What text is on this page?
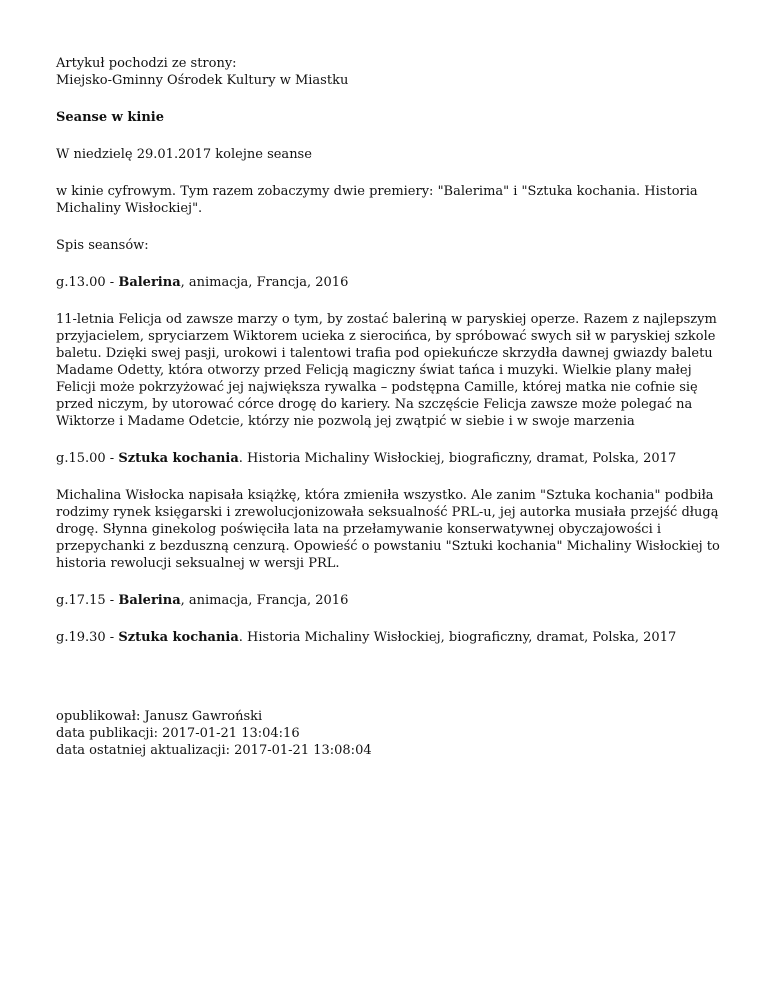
Artykuł pochodzi ze strony:

Miejsko-Gminny Ośrodek Kultury w Miastku

Seanse w kinie

W niedzielę 29.01.2017 kolejne seanse

w kinie cyfrowym. Tym razem zobaczymy dwie premiery: "Balerima" i "Sztuka kochania. Historia Michaliny Wisłockiej".

Spis seansów:

g.13.00 - Balerina, animacja, Francja, 2016

11-letnia Felicja od zawsze marzy o tym, by zostać baleriną w paryskiej operze. Razem z najlepszym przyjacielem, spryciarzem Wiktorem ucieka z sierocińca, by spróbować swych sił w paryskiej szkole baletu. Dzięki swej pasji, urokowi i talentowi trafia pod opiekuńcze skrzydła dawnej gwiazdy baletu Madame Odetty, która otworzy przed Felicją magiczny świat tańca i muzyki. Wielkie plany małej Felicji może pokrzyżować jej największa rywalka – podstępna Camille, której matka nie cofnie się przed niczym, by utorować córce drogę do kariery. Na szczęście Felicja zawsze może polegać na Wiktorze i Madame Odetcie, którzy nie pozwolą jej zwątpić w siebie i w swoje marzenia

g.15.00 - Sztuka kochania. Historia Michaliny Wisłockiej, biograficzny, dramat, Polska, 2017

Michalina Wisłocka napisała książkę, która zmieniła wszystko. Ale zanim "Sztuka kochania" podbiła rodzimy rynek księgarski i zrewolucjonizowała seksualność PRL-u, jej autorka musiała przejść długą drogę. Słynna ginekolog poświęciła lata na przełamywanie konserwatywnej obyczajowości i przepychanki z bezduszną cenzurą. Opowieść o powstaniu "Sztuki kochania" Michaliny Wisłockiej to historia rewolucji seksualnej w wersji PRL.

g.17.15 - Balerina, animacja, Francja, 2016

g.19.30 - Sztuka kochania. Historia Michaliny Wisłockiej, biograficzny, dramat, Polska, 2017

opublikował: Janusz Gawroński

data publikacji: 2017-01-21 13:04:16

data ostatniej aktualizacji: 2017-01-21 13:08:04
